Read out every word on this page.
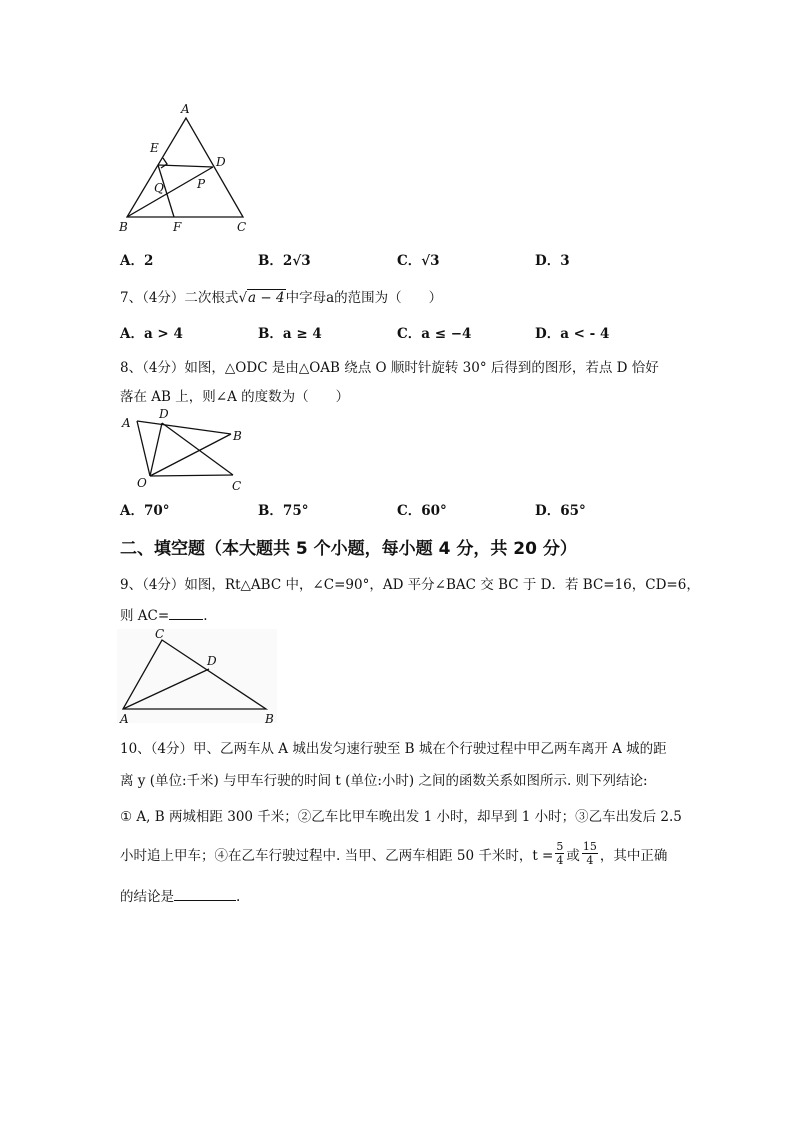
A
E
D
Q	P
B	F	C
A．2	B．2√3	C．√3	D．3
7、（4分）二次根式√a − 4中字母a的范围为（　　）
A．a > 4	B．a ≥ 4	C．a ≤ −4	D．a < - 4
8、（4分）如图，△ODC 是由△OAB 绕点 O 顺时针旋转 30° 后得到的图形，若点 D 恰好
落在 AB 上，则∠A 的度数为（　　）
A
D
B
O	C
A．70°	B．75°	C．60°	D．65°
二、填空题（本大题共 5 个小题，每小题 4 分，共 20 分）
9、（4分）如图，Rt△ABC 中，∠C=90°，AD 平分∠BAC 交 BC 于 D．若 BC=16，CD=6，
则 AC=	.
C
D
A	B
10、（4分）甲、乙两车从 A 城出发匀速行驶至 B 城在个行驶过程中甲乙两车离开 A 城的距
离 y (单位:千米) 与甲车行驶的时间 t (单位:小时) 之间的函数关系如图所示. 则下列结论:
① A, B 两城相距 300 千米；②乙车比甲车晚出发 1 小时，却早到 1 小时；③乙车出发后 2.5
小时追上甲车；④在乙车行驶过程中. 当甲、乙两车相距 50 千米时，$t = \frac{5}{4}$ 或 $\frac{15}{4}$ ，其中正确
的结论是	.
